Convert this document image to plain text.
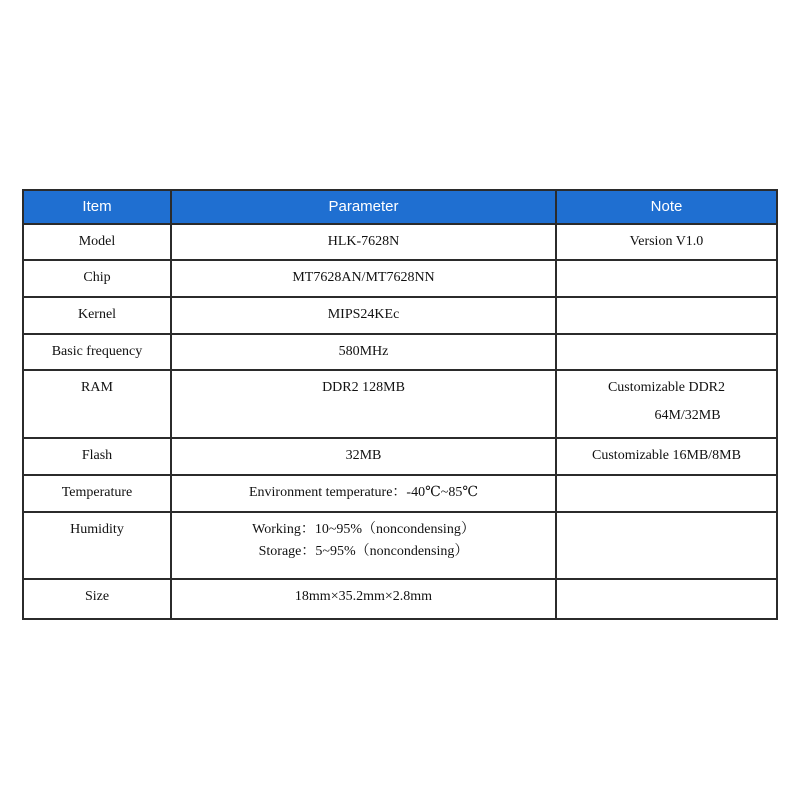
Item	Parameter	Note
Model	HLK-7628N	Version V1.0
Chip	MT7628AN/MT7628NN	
Kernel	MIPS24KEc	
Basic frequency	580MHz	
RAM	DDR2 128MB	Customizable DDR2
64M/32MB

Flash	32MB	Customizable 16MB/8MB
Temperature	Environment temperature：-40℃~85℃	
Humidity	Working：10~95%（noncondensing）
Storage：5~95%（noncondensing）	

Size	18mm×35.2mm×2.8mm	
